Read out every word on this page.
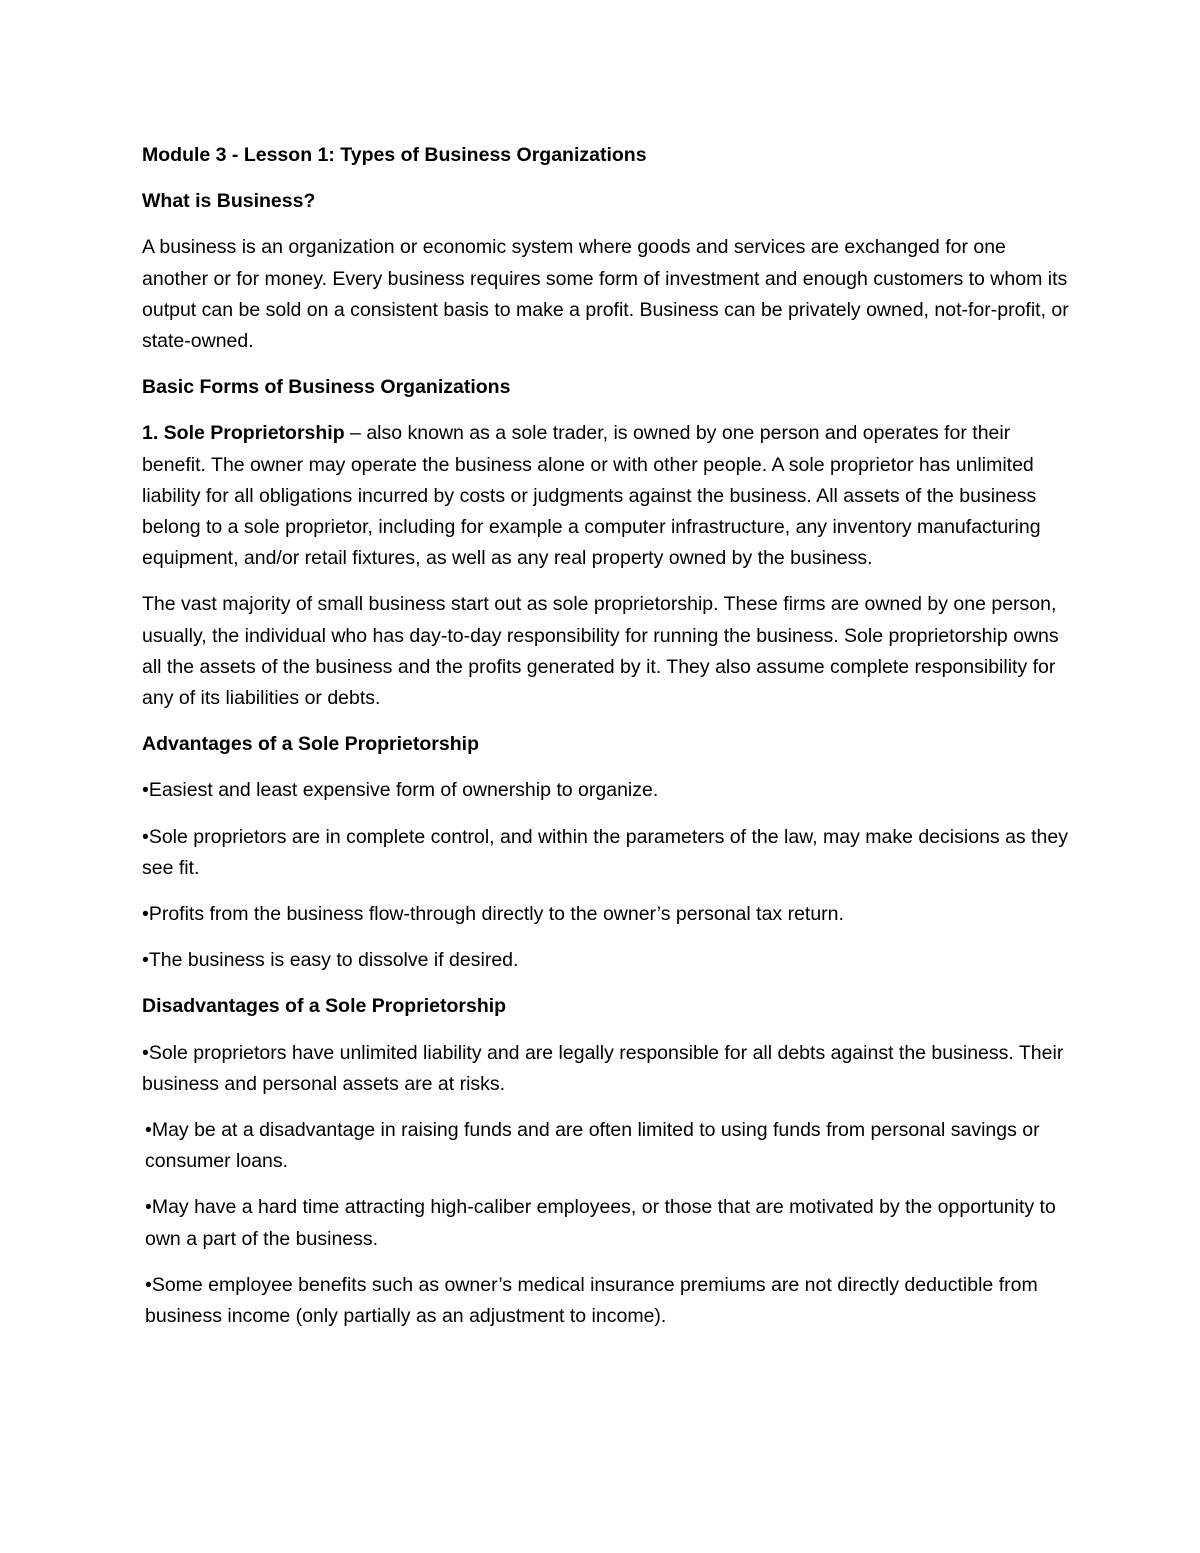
Module 3 - Lesson 1: Types of Business Organizations

What is Business?

A business is an organization or economic system where goods and services are exchanged for one another or for money. Every business requires some form of investment and enough customers to whom its output can be sold on a consistent basis to make a profit. Business can be privately owned, not-for-profit, or state-owned.

Basic Forms of Business Organizations

1. Sole Proprietorship – also known as a sole trader, is owned by one person and operates for their benefit. The owner may operate the business alone or with other people. A sole proprietor has unlimited liability for all obligations incurred by costs or judgments against the business. All assets of the business belong to a sole proprietor, including for example a computer infrastructure, any inventory manufacturing equipment, and/or retail fixtures, as well as any real property owned by the business.

The vast majority of small business start out as sole proprietorship. These firms are owned by one person, usually, the individual who has day-to-day responsibility for running the business. Sole proprietorship owns all the assets of the business and the profits generated by it. They also assume complete responsibility for any of its liabilities or debts.

Advantages of a Sole Proprietorship

•Easiest and least expensive form of ownership to organize.

•Sole proprietors are in complete control, and within the parameters of the law, may make decisions as they see fit.

•Profits from the business flow-through directly to the owner’s personal tax return.

•The business is easy to dissolve if desired.

Disadvantages of a Sole Proprietorship

•Sole proprietors have unlimited liability and are legally responsible for all debts against the business. Their business and personal assets are at risks.

•May be at a disadvantage in raising funds and are often limited to using funds from personal savings or consumer loans.

•May have a hard time attracting high-caliber employees, or those that are motivated by the opportunity to own a part of the business.

•Some employee benefits such as owner’s medical insurance premiums are not directly deductible from business income (only partially as an adjustment to income).
